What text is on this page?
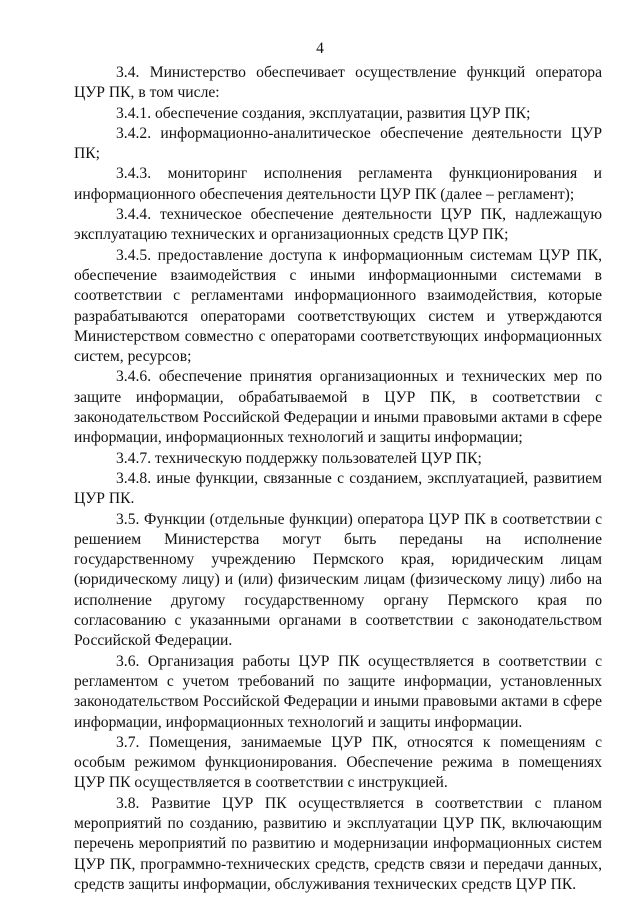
4

3.4. Министерство обеспечивает осуществление функций оператора ЦУР ПК, в том числе:

3.4.1. обеспечение создания, эксплуатации, развития ЦУР ПК;

3.4.2. информационно-аналитическое обеспечение деятельности ЦУР ПК;

3.4.3. мониторинг исполнения регламента функционирования и информационного обеспечения деятельности ЦУР ПК (далее – регламент);

3.4.4. техническое обеспечение деятельности ЦУР ПК, надлежащую эксплуатацию технических и организационных средств ЦУР ПК;

3.4.5. предоставление доступа к информационным системам ЦУР ПК, обеспечение взаимодействия с иными информационными системами в соответствии с регламентами информационного взаимодействия, которые разрабатываются операторами соответствующих систем и утверждаются Министерством совместно с операторами соответствующих информационных систем, ресурсов;

3.4.6. обеспечение принятия организационных и технических мер по защите информации, обрабатываемой в ЦУР ПК, в соответствии с законодательством Российской Федерации и иными правовыми актами в сфере информации, информационных технологий и защиты информации;

3.4.7. техническую поддержку пользователей ЦУР ПК;

3.4.8. иные функции, связанные с созданием, эксплуатацией, развитием ЦУР ПК.

3.5. Функции (отдельные функции) оператора ЦУР ПК в соответствии с решением Министерства могут быть переданы на исполнение государственному учреждению Пермского края, юридическим лицам (юридическому лицу) и (или) физическим лицам (физическому лицу) либо на исполнение другому государственному органу Пермского края по согласованию с указанными органами в соответствии с законодательством Российской Федерации.

3.6. Организация работы ЦУР ПК осуществляется в соответствии с регламентом с учетом требований по защите информации, установленных законодательством Российской Федерации и иными правовыми актами в сфере информации, информационных технологий и защиты информации.

3.7. Помещения, занимаемые ЦУР ПК, относятся к помещениям с особым режимом функционирования. Обеспечение режима в помещениях ЦУР ПК осуществляется в соответствии с инструкцией.

3.8. Развитие ЦУР ПК осуществляется в соответствии с планом мероприятий по созданию, развитию и эксплуатации ЦУР ПК, включающим перечень мероприятий по развитию и модернизации информационных систем ЦУР ПК, программно-технических средств, средств связи и передачи данных, средств защиты информации, обслуживания технических средств ЦУР ПК.
